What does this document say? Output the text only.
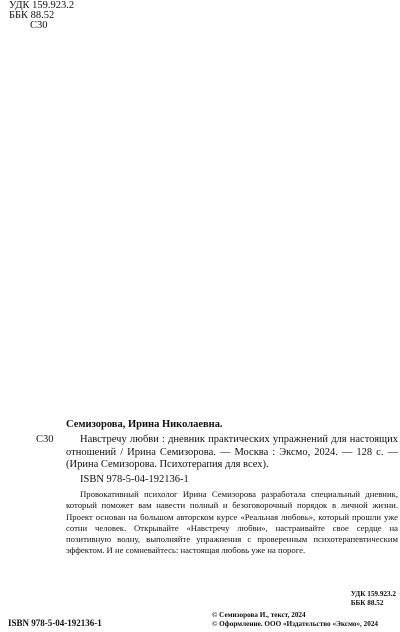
УДК 159.923.2
ББК 88.52
С30
Семизорова, Ирина Николаевна.
С30	Навстречу любви : дневник практических упражнений для настоящих отношений / Ирина Семизорова. — Москва : Эксмо, 2024. — 128 с. — (Ирина Семизорова. Психотерапия для всех).
ISBN 978-5-04-192136-1
Провокативный психолог Ирина Семизорова разработала специальный дневник, который поможет вам навести полный и безоговорочный порядок в личной жизни. Проект основан на большом авторском курсе «Реальная любовь», который прошли уже сотни человек. Открывайте «Навстречу любви», настраивайте свое сердце на позитивную волну, выполняйте упражнения с проверенным психотерапевтическим эффектом. И не сомневайтесь: настоящая любовь уже на пороге.
УДК 159.923.2
ББК 88.52
ISBN 978-5-04-192136-1
© Семизорова И., текст, 2024
© Оформление. ООО «Издательство «Эксмо», 2024
